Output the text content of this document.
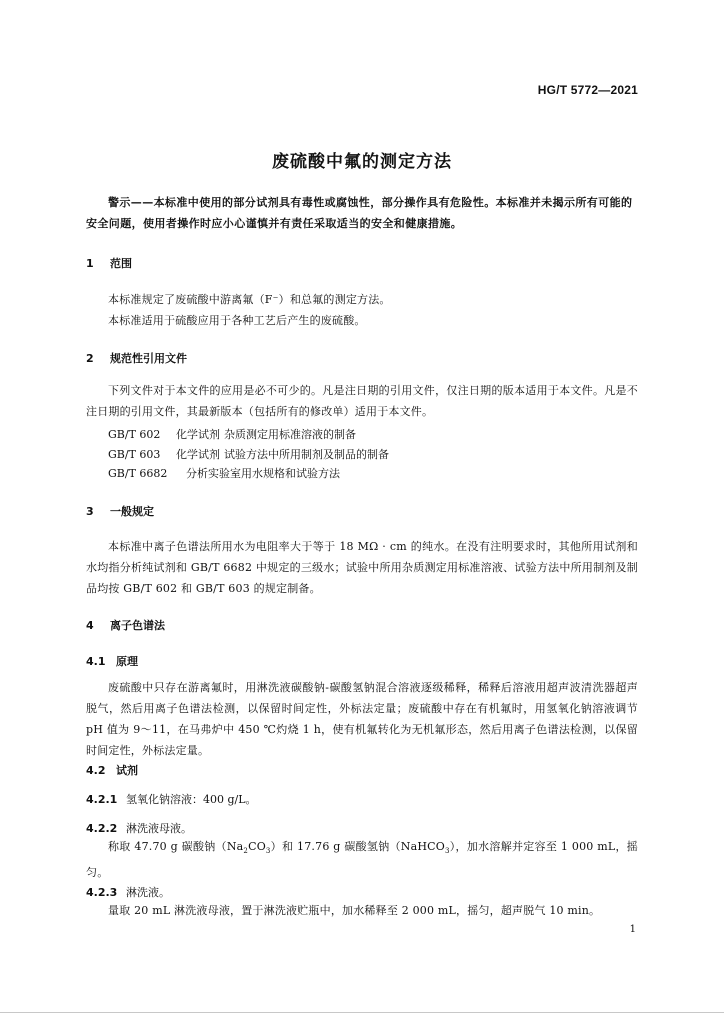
HG/T 5772—2021
废硫酸中氟的测定方法

警示——本标准中使用的部分试剂具有毒性或腐蚀性，部分操作具有危险性。本标准并未揭示所有可能的安全问题，使用者操作时应小心谨慎并有责任采取适当的安全和健康措施。

1 范围

本标准规定了废硫酸中游离氟（F⁻）和总氟的测定方法。

本标准适用于硫酸应用于各种工艺后产生的废硫酸。

2 规范性引用文件

下列文件对于本文件的应用是必不可少的。凡是注日期的引用文件，仅注日期的版本适用于本文件。凡是不注日期的引用文件，其最新版本（包括所有的修改单）适用于本文件。

GB/T 602 化学试剂 杂质测定用标准溶液的制备
GB/T 603 化学试剂 试验方法中所用制剂及制品的制备
GB/T 6682 分析实验室用水规格和试验方法
3 一般规定

本标准中离子色谱法所用水为电阻率大于等于 18 MΩ · cm 的纯水。在没有注明要求时，其他所用试剂和水均指分析纯试剂和 GB/T 6682 中规定的三级水；试验中所用杂质测定用标准溶液、试验方法中所用制剂及制品均按 GB/T 602 和 GB/T 603 的规定制备。

4 离子色谱法
4.1 原理

废硫酸中只存在游离氟时，用淋洗液碳酸钠-碳酸氢钠混合溶液逐级稀释，稀释后溶液用超声波清洗器超声脱气，然后用离子色谱法检测，以保留时间定性，外标法定量；废硫酸中存在有机氟时，用氢氧化钠溶液调节 pH 值为 9～11，在马弗炉中 450 ℃灼烧 1 h，使有机氟转化为无机氟形态，然后用离子色谱法检测，以保留时间定性，外标法定量。

4.2 试剂
4.2.1 氢氧化钠溶液：400 g/L。
4.2.2 淋洗液母液。

称取 47.70 g 碳酸钠$(Na_2CO_3)$和 17.76 g 碳酸氢钠（NaHCO$_3$），加水溶解并定容至 1 000 mL，摇匀。

4.2.3 淋洗液。

量取 20 mL 淋洗液母液，置于淋洗液贮瓶中，加水稀释至 2 000 mL，摇匀，超声脱气 10 min。

1
